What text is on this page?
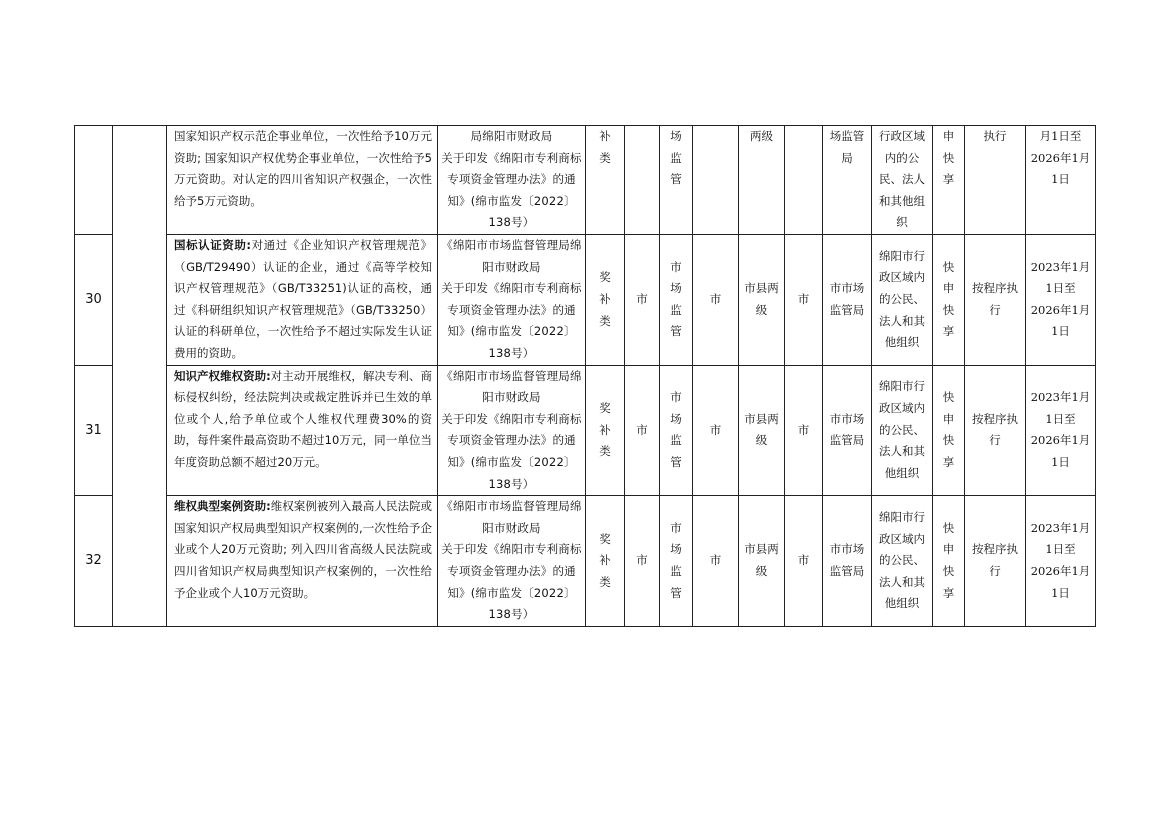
		国家知识产权示范企事业单位，一次性给予10万元资助; 国家知识产权优势企事业单位，一次性给予5万元资助。对认定的四川省知识产权强企，一次性给予5万元资助。	局绵阳市财政局
关于印发《绵阳市专利商标专项资金管理办法》的通知》(绵市监发〔2022〕138号）	补类		场监管		两级		场监管局	行政区域内的公民、法人和其他组织	申快享	执行	月1日至
2026年1月1日
30		国标认证资助:对通过《企业知识产权管理规范》（GB/T29490）认证的企业，通过《高等学校知识产权管理规范》（GB/T33251)认证的高校，通过《科研组织知识产权管理规范》（GB/T33250）认证的科研单位，一次性给予不超过实际发生认证费用的资助。	《绵阳市市场监督管理局绵阳市财政局
关于印发《绵阳市专利商标专项资金管理办法》的通知》(绵市监发〔2022〕138号）	奖补类	市	市场监管	市	市县两级	市	市市场监管局	绵阳市行政区域内的公民、法人和其他组织	快申快享	按程序执行	2023年1月1日至
2026年1月1日
31		知识产权维权资助:对主动开展维权，解决专利、商标侵权纠纷，经法院判决或裁定胜诉并已生效的单位或个人,给予单位或个人维权代理费30%的资助，每件案件最高资助不超过10万元，同一单位当年度资助总额不超过20万元。	《绵阳市市场监督管理局绵阳市财政局
关于印发《绵阳市专利商标专项资金管理办法》的通知》(绵市监发〔2022〕138号）	奖补类	市	市场监管	市	市县两级	市	市市场监管局	绵阳市行政区域内的公民、法人和其他组织	快申快享	按程序执行	2023年1月1日至
2026年1月1日
32		维权典型案例资助:维权案例被列入最高人民法院或国家知识产权局典型知识产权案例的,一次性给予企业或个人20万元资助; 列入四川省高级人民法院或四川省知识产权局典型知识产权案例的，一次性给予企业或个人10万元资助。	《绵阳市市场监督管理局绵阳市财政局
关于印发《绵阳市专利商标专项资金管理办法》的通知》(绵市监发〔2022〕138号）	奖补类	市	市场监管	市	市县两级	市	市市场监管局	绵阳市行政区域内的公民、法人和其他组织	快申快享	按程序执行	2023年1月1日至
2026年1月1日
